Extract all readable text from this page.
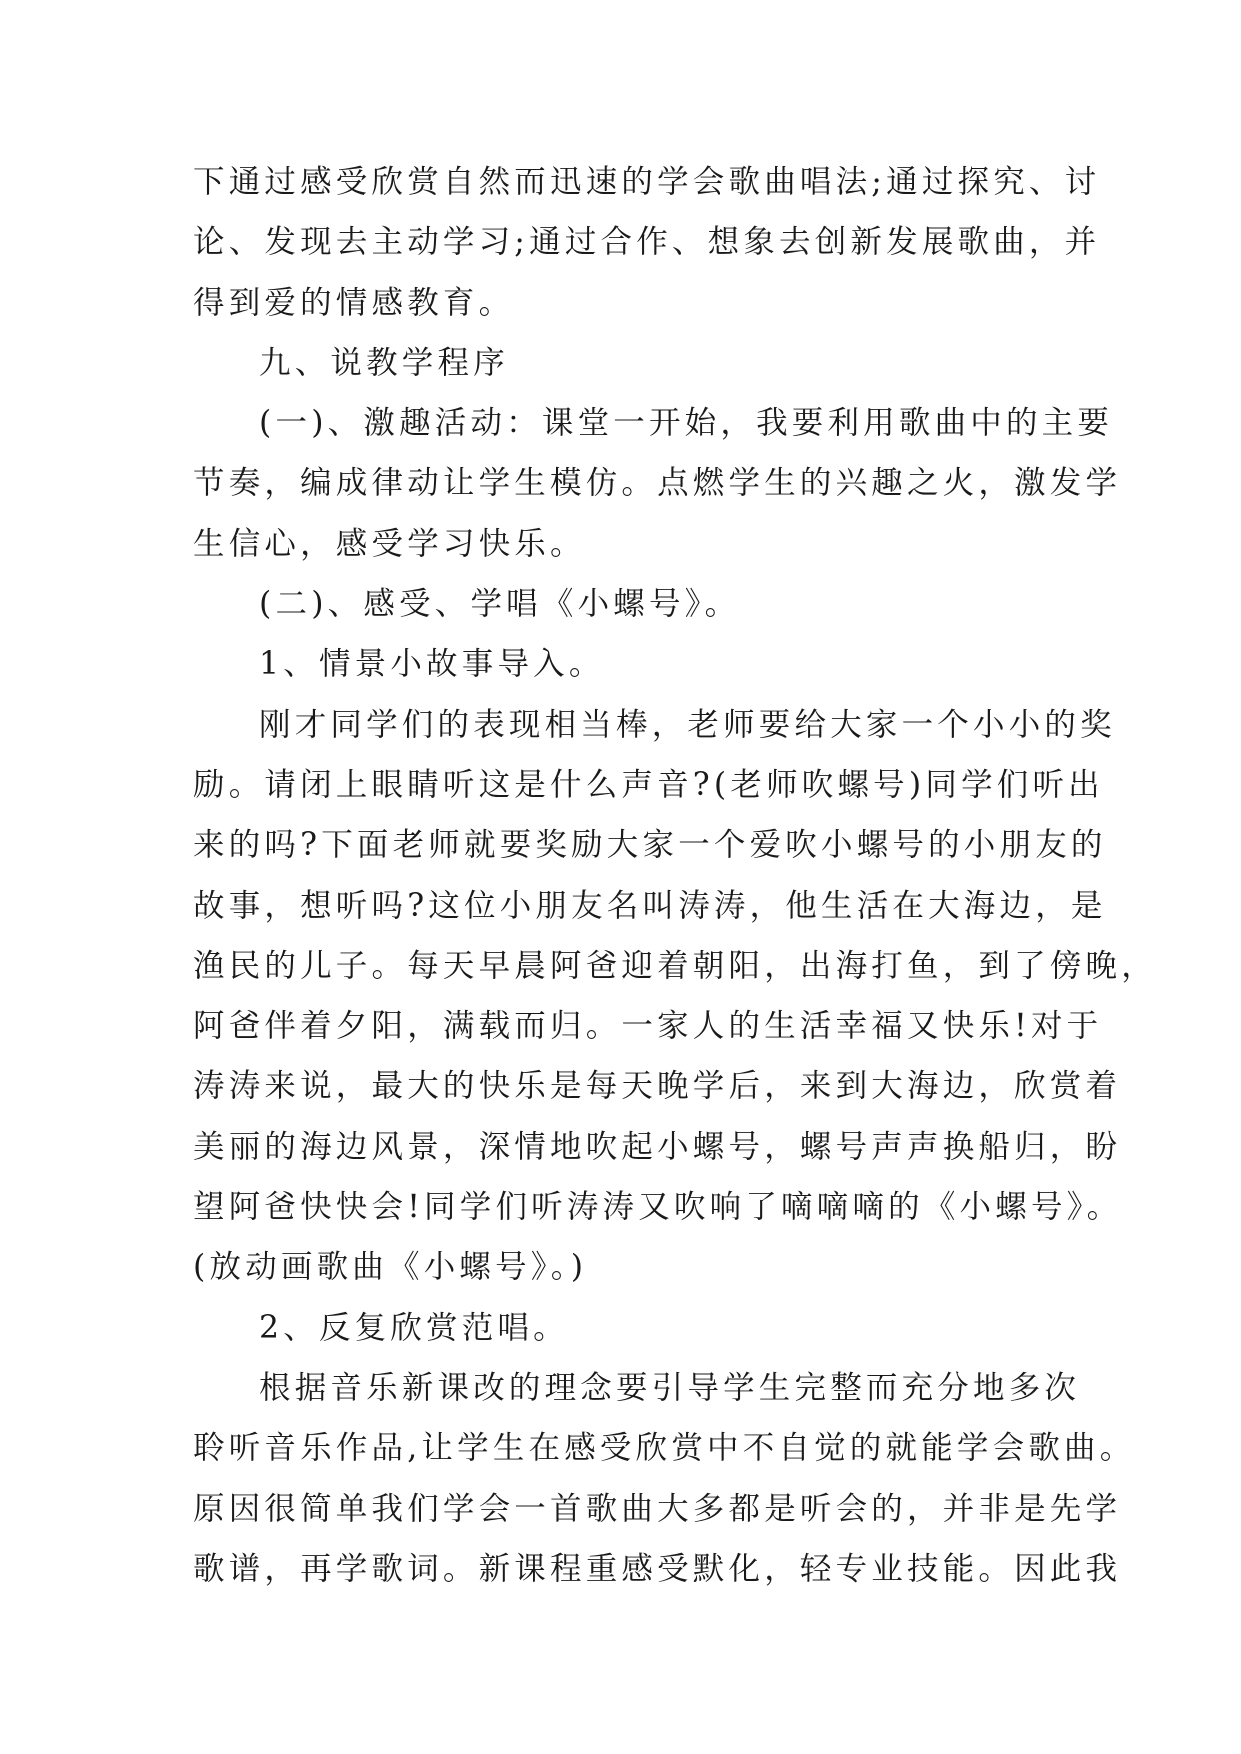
下通过感受欣赏自然而迅速的学会歌曲唱法;通过探究、讨
论、发现去主动学习;通过合作、想象去创新发展歌曲，并
得到爱的情感教育。
九、说教学程序
(一)、激趣活动：课堂一开始，我要利用歌曲中的主要
节奏，编成律动让学生模仿。点燃学生的兴趣之火，激发学
生信心，感受学习快乐。
(二)、感受、学唱《小螺号》。
1、情景小故事导入。
刚才同学们的表现相当棒，老师要给大家一个小小的奖
励。请闭上眼睛听这是什么声音?(老师吹螺号)同学们听出
来的吗?下面老师就要奖励大家一个爱吹小螺号的小朋友的
故事，想听吗?这位小朋友名叫涛涛，他生活在大海边，是
渔民的儿子。每天早晨阿爸迎着朝阳，出海打鱼，到了傍晚，
阿爸伴着夕阳，满载而归。一家人的生活幸福又快乐!对于
涛涛来说，最大的快乐是每天晚学后，来到大海边，欣赏着
美丽的海边风景，深情地吹起小螺号，螺号声声换船归，盼
望阿爸快快会!同学们听涛涛又吹响了嘀嘀嘀的《小螺号》。
(放动画歌曲《小螺号》。)
2、反复欣赏范唱。
根据音乐新课改的理念要引导学生完整而充分地多次
聆听音乐作品,让学生在感受欣赏中不自觉的就能学会歌曲。
原因很简单我们学会一首歌曲大多都是听会的，并非是先学
歌谱，再学歌词。新课程重感受默化，轻专业技能。因此我
